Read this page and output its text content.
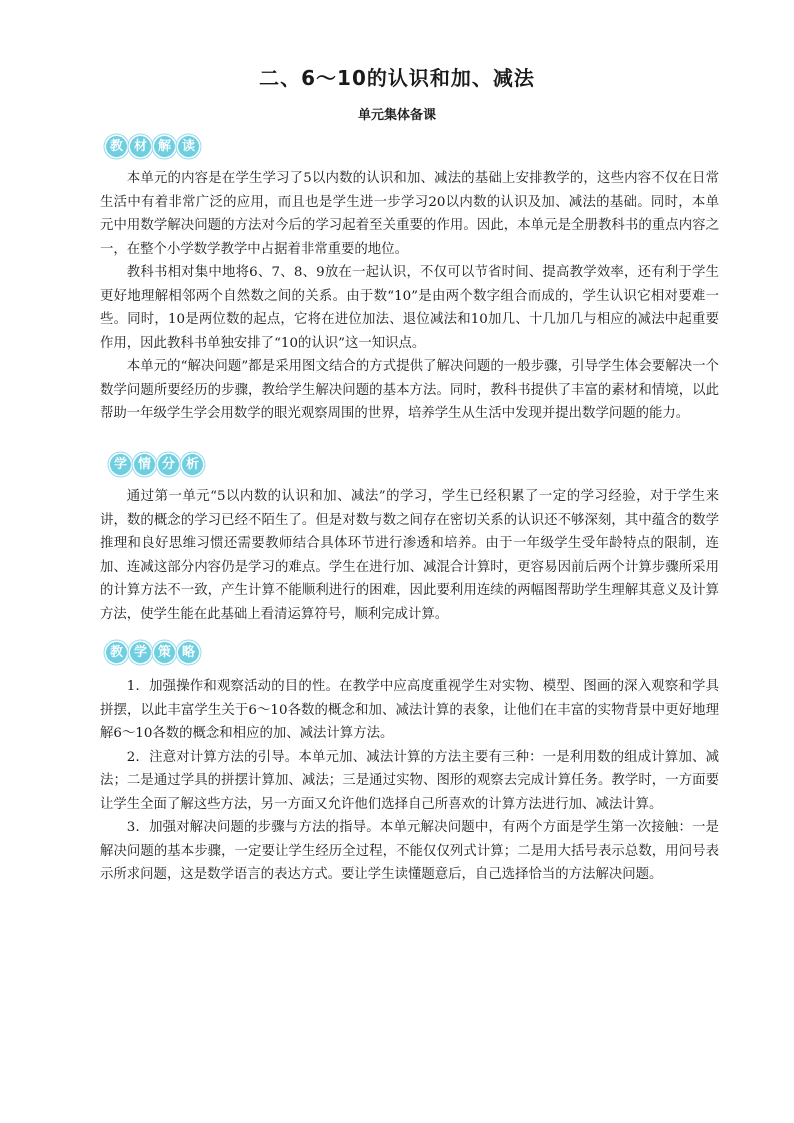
二、6～10的认识和加、减法
单元集体备课
教 材 解 读

本单元的内容是在学生学习了5以内数的认识和加、减法的基础上安排教学的，这些内容不仅在日常生活中有着非常广泛的应用，而且也是学生进一步学习20以内数的认识及加、减法的基础。同时，本单元中用数学解决问题的方法对今后的学习起着至关重要的作用。因此，本单元是全册教科书的重点内容之一，在整个小学数学教学中占据着非常重要的地位。

教科书相对集中地将6、7、8、9放在一起认识，不仅可以节省时间、提高教学效率，还有利于学生更好地理解相邻两个自然数之间的关系。由于数“10”是由两个数字组合而成的，学生认识它相对要难一些。同时，10是两位数的起点，它将在进位加法、退位减法和10加几、十几加几与相应的减法中起重要作用，因此教科书单独安排了“10的认识”这一知识点。

本单元的“解决问题”都是采用图文结合的方式提供了解决问题的一般步骤，引导学生体会要解决一个数学问题所要经历的步骤，教给学生解决问题的基本方法。同时，教科书提供了丰富的素材和情境，以此帮助一年级学生学会用数学的眼光观察周围的世界，培养学生从生活中发现并提出数学问题的能力。

学 情 分 析

通过第一单元“5以内数的认识和加、减法”的学习，学生已经积累了一定的学习经验，对于学生来讲，数的概念的学习已经不陌生了。但是对数与数之间存在密切关系的认识还不够深刻，其中蕴含的数学推理和良好思维习惯还需要教师结合具体环节进行渗透和培养。由于一年级学生受年龄特点的限制，连加、连减这部分内容仍是学习的难点。学生在进行加、减混合计算时，更容易因前后两个计算步骤所采用的计算方法不一致，产生计算不能顺利进行的困难，因此要利用连续的两幅图帮助学生理解其意义及计算方法，使学生能在此基础上看清运算符号，顺利完成计算。

教 学 策 略

1．加强操作和观察活动的目的性。在教学中应高度重视学生对实物、模型、图画的深入观察和学具拼摆，以此丰富学生关于6～10各数的概念和加、减法计算的表象，让他们在丰富的实物背景中更好地理解6～10各数的概念和相应的加、减法计算方法。

2．注意对计算方法的引导。本单元加、减法计算的方法主要有三种：一是利用数的组成计算加、减法；二是通过学具的拼摆计算加、减法；三是通过实物、图形的观察去完成计算任务。教学时，一方面要让学生全面了解这些方法，另一方面又允许他们选择自己所喜欢的计算方法进行加、减法计算。

3．加强对解决问题的步骤与方法的指导。本单元解决问题中，有两个方面是学生第一次接触：一是解决问题的基本步骤，一定要让学生经历全过程，不能仅仅列式计算；二是用大括号表示总数，用问号表示所求问题，这是数学语言的表达方式。要让学生读懂题意后，自己选择恰当的方法解决问题。
